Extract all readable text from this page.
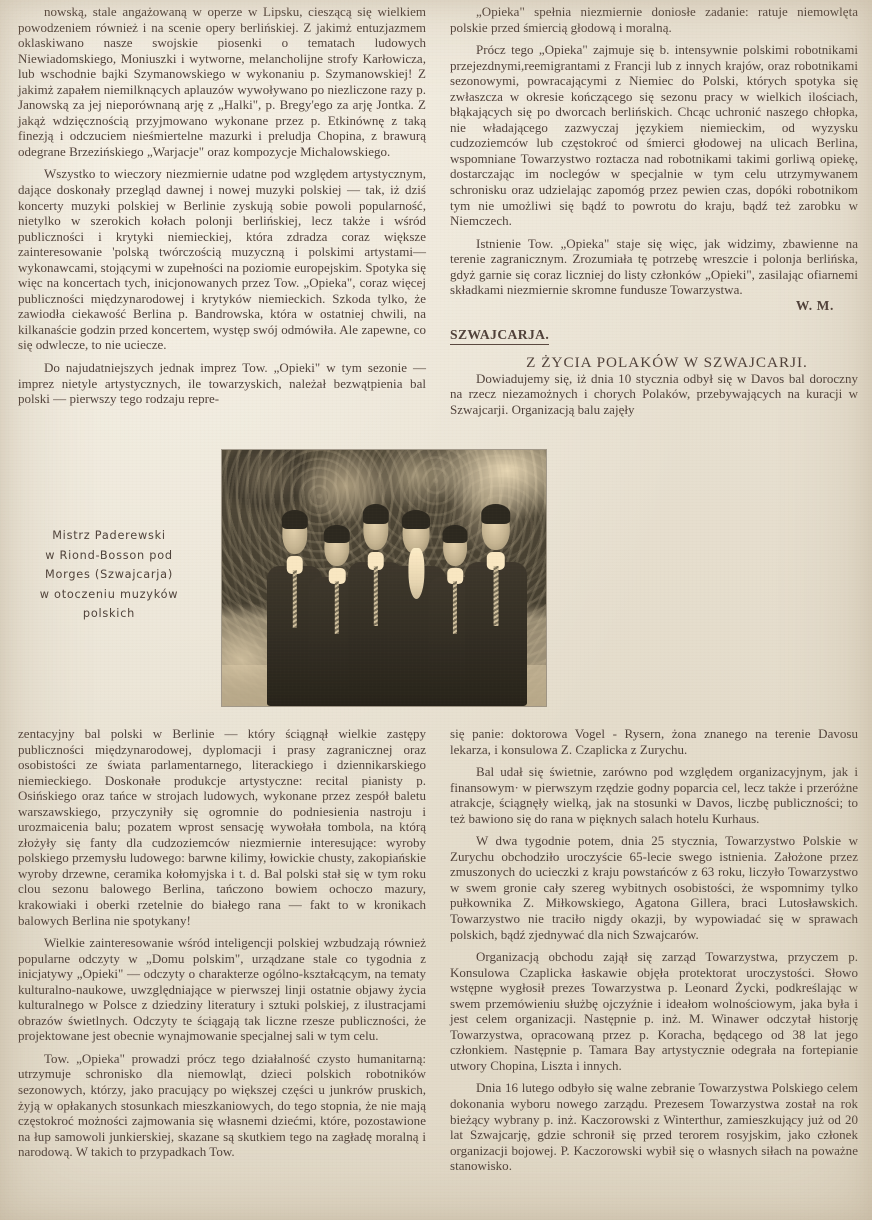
nowską, stale angażowaną w operze w Lipsku, cieszącą się wielkiem powodzeniem również i na scenie opery berlińskiej. Z jakimż entuzjazmem oklaskiwano nasze swojskie piosenki o tematach ludowych Niewiadomskiego, Moniuszki i wytworne, melancholijne strofy Karłowicza, lub wschodnie bajki Szymanowskiego w wykonaniu p. Szymanowskiej! Z jakimż zapałem niemilknących aplauzów wywoływano po niezliczone razy p. Janowską za jej nieporównaną arję z „Halki", p. Bregy'ego za arję Jontka. Z jakąż wdzięcznością przyjmowano wykonane przez p. Etkinównę z taką finezją i odczuciem nieśmiertelne mazurki i preludja Chopina, z brawurą odegrane Brzezińskiego „Warjacje" oraz kompozycje Michalowskiego.

Wszystko to wieczory niezmiernie udatne pod względem artystycznym, dające doskonały przegląd dawnej i nowej muzyki polskiej — tak, iż dziś koncerty muzyki polskiej w Berlinie zyskują sobie powoli popularność, nietylko w szerokich kołach polonji berlińskiej, lecz także i wśród publiczności i krytyki niemieckiej, która zdradza coraz większe zainteresowanie 'polską twórczością muzyczną i polskimi artystami— wykonawcami, stojącymi w zupełności na poziomie europejskim. Spotyka się więc na koncertach tych, inicjonowanych przez Tow. „Opieka", coraz więcej publiczności międzynarodowej i krytyków niemieckich. Szkoda tylko, że zawiodła ciekawość Berlina p. Bandrowska, która w ostatniej chwili, na kilkanaście godzin przed koncertem, występ swój odmówiła. Ale zapewne, co się odwlecze, to nie uciecze.

Do najudatniejszych jednak imprez Tow. „Opieki" w tym sezonie — imprez nietyle artystycznych, ile towarzyskich, należał bezwątpienia bal polski — pierwszy tego rodzaju repre-

„Opieka" spełnia niezmiernie doniosłe zadanie: ratuje niemowlęta polskie przed śmiercią głodową i moralną.

Prócz tego „Opieka" zajmuje się b. intensywnie polskimi robotnikami przejezdnymi,reemigrantami z Francji lub z innych krajów, oraz robotnikami sezonowymi, powracającymi z Niemiec do Polski, których spotyka się zwłaszcza w okresie kończącego się sezonu pracy w wielkich ilościach, błąkających się po dworcach berlińskich. Chcąc uchronić naszego chłopka, nie władającego zazwyczaj językiem niemieckim, od wyzysku cudzoziemców lub częstokroć od śmierci głodowej na ulicach Berlina, wspomniane Towarzystwo roztacza nad robotnikami takimi gorliwą opiekę, dostarczając im noclegów w specjalnie w tym celu utrzymywanem schronisku oraz udzielając zapomóg przez pewien czas, dopóki robotnikom tym nie umożliwi się bądź to powrotu do kraju, bądź też zarobku w Niemczech.

Istnienie Tow. „Opieka" staje się więc, jak widzimy, zbawienne na terenie zagranicznym. Zrozumiała tę potrzebę wreszcie i polonja berlińska, gdyż garnie się coraz liczniej do listy członków „Opieki", zasilając ofiarnemi składkami niezmiernie skromne fundusze Towarzystwa.

W. M.

SZWAJCARJA.

Z ŻYCIA POLAKÓW W SZWAJCARJI.

Dowiadujemy się, iż dnia 10 stycznia odbył się w Davos bal doroczny na rzecz niezamożnych i chorych Polaków, przebywających na kuracji w Szwajcarji. Organizacją balu zajęły

Mistrz Paderewski
w Riond-Bosson pod
Morges (Szwajcarja)
w otoczeniu muzyków
polskich

zentacyjny bal polski w Berlinie — który ściągnął wielkie zastępy publiczności międzynarodowej, dyplomacji i prasy zagranicznej oraz osobistości ze świata parlamentarnego, literackiego i dziennikarskiego niemieckiego. Doskonałe produkcje artystyczne: recital pianisty p. Osińskiego oraz tańce w strojach ludowych, wykonane przez zespół baletu warszawskiego, przyczyniły się ogromnie do podniesienia nastroju i urozmaicenia balu; pozatem wprost sensację wywołała tombola, na którą złożyły się fanty dla cudzoziemców niezmiernie interesujące: wyroby polskiego przemysłu ludowego: barwne kilimy, łowickie chusty, zakopiańskie wyroby drzewne, ceramika kołomyjska i t. d. Bal polski stał się w tym roku clou sezonu balowego Berlina, tańczono bowiem ochoczo mazury, krakowiaki i oberki rzetelnie do białego rana — fakt to w kronikach balowych Berlina nie spotykany!

Wielkie zainteresowanie wśród inteligencji polskiej wzbudzają również popularne odczyty w „Domu polskim", urządzane stale co tygodnia z inicjatywy „Opieki" — odczyty o charakterze ogólno-kształcącym, na tematy kulturalno-naukowe, uwzględniające w pierwszej linji ostatnie objawy życia kulturalnego w Polsce z dziedziny literatury i sztuki polskiej, z ilustracjami obrazów świetlnych. Odczyty te ściągają tak liczne rzesze publiczności, że projektowane jest obecnie wynajmowanie specjalnej sali w tym celu.

Tow. „Opieka" prowadzi prócz tego działalność czysto humanitarną: utrzymuje schronisko dla niemowląt, dzieci polskich robotników sezonowych, którzy, jako pracujący po większej części u junkrów pruskich, żyją w opłakanych stosunkach mieszkaniowych, do tego stopnia, że nie mają częstokroć możności zajmowania się własnemi dziećmi, które, pozostawione na łup samowoli junkierskiej, skazane są skutkiem tego na zagładę moralną i narodową. W takich to przypadkach Tow.

się panie: doktorowa Vogel - Rysern, żona znanego na terenie Davosu lekarza, i konsulowa Z. Czaplicka z Zurychu.

Bal udał się świetnie, zarówno pod względem organizacyjnym, jak i finansowym· w pierwszym rzędzie godny poparcia cel, lecz także i przeróżne atrakcje, ściągnęły wielką, jak na stosunki w Davos, liczbę publiczności; to też bawiono się do rana w pięknych salach hotelu Kurhaus.

W dwa tygodnie potem, dnia 25 stycznia, Towarzystwo Polskie w Zurychu obchodziło uroczyście 65-lecie swego istnienia. Założone przez zmuszonych do ucieczki z kraju powstańców z 63 roku, liczyło Towarzystwo w swem gronie cały szereg wybitnych osobistości, że wspomnimy tylko pułkownika Z. Miłkowskiego, Agatona Gillera, braci Lutosławskich. Towarzystwo nie traciło nigdy okazji, by wypowiadać się w sprawach polskich, bądź zjednywać dla nich Szwajcarów.

Organizacją obchodu zajął się zarząd Towarzystwa, przyczem p. Konsulowa Czaplicka łaskawie objęła protektorat uroczystości. Słowo wstępne wygłosił prezes Towarzystwa p. Leonard Życki, podkreślając w swem przemówieniu służbę ojczyźnie i ideałom wolnościowym, jaka była i jest celem organizacji. Następnie p. inż. M. Winawer odczytał historję Towarzystwa, opracowaną przez p. Koracha, będącego od 38 lat jego członkiem. Następnie p. Tamara Bay artystycznie odegrała na fortepianie utwory Chopina, Liszta i innych.

Dnia 16 lutego odbyło się walne zebranie Towarzystwa Polskiego celem dokonania wyboru nowego zarządu. Prezesem Towarzystwa został na rok bieżący wybrany p. inż. Kaczorowski z Winterthur, zamieszkujący już od 20 lat Szwajcarję, gdzie schronił się przed terorem rosyjskim, jako członek organizacji bojowej. P. Kaczorowski wybił się o własnych siłach na poważne stanowisko.
